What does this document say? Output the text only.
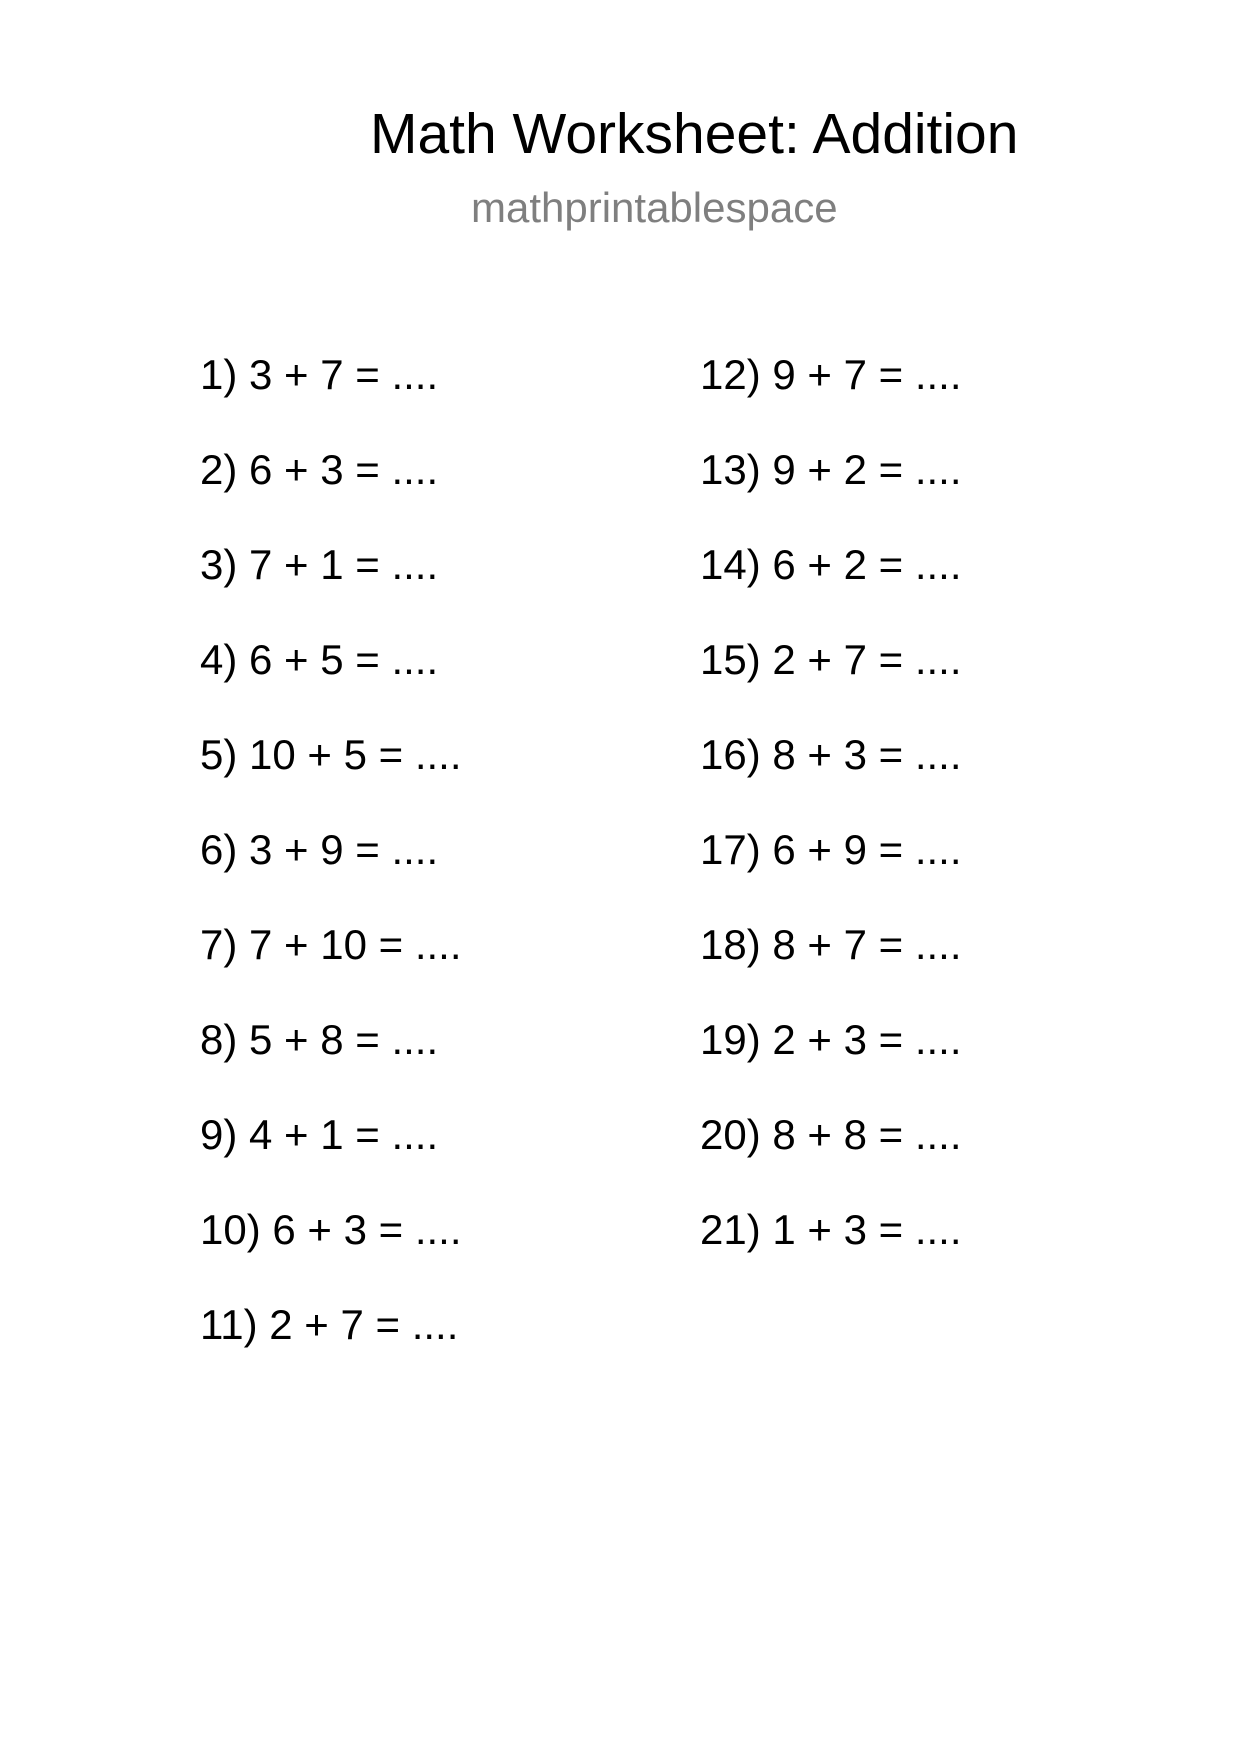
Math Worksheet: Addition
mathprintablespace
1) 3 + 7 = ....
2) 6 + 3 = ....
3) 7 + 1 = ....
4) 6 + 5 = ....
5) 10 + 5 = ....
6) 3 + 9 = ....
7) 7 + 10 = ....
8) 5 + 8 = ....
9) 4 + 1 = ....
10) 6 + 3 = ....
11) 2 + 7 = ....
12) 9 + 7 = ....
13) 9 + 2 = ....
14) 6 + 2 = ....
15) 2 + 7 = ....
16) 8 + 3 = ....
17) 6 + 9 = ....
18) 8 + 7 = ....
19) 2 + 3 = ....
20) 8 + 8 = ....
21) 1 + 3 = ....
